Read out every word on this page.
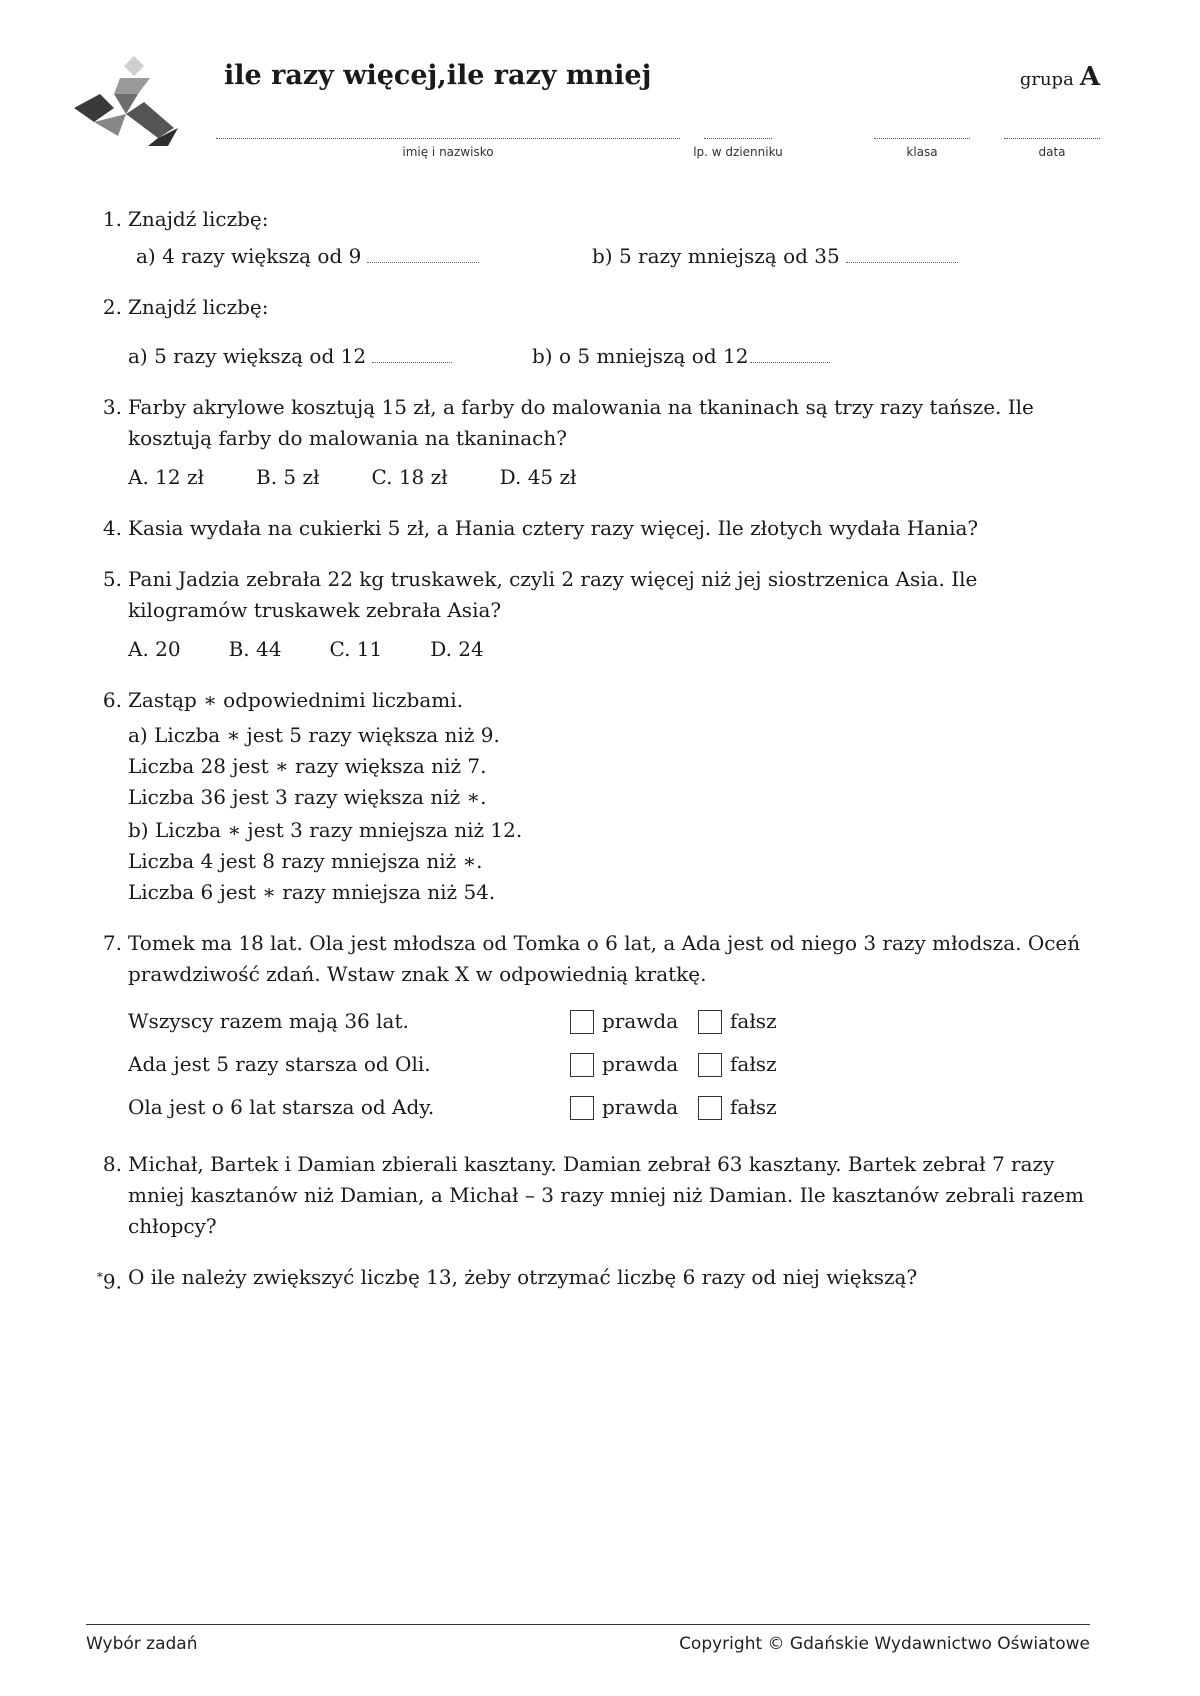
ile razy więcej,ile razy mniej	grupa A
imię i nazwisko	lp. w dzienniku	klasa	data
1. Znajdź liczbę:
a) 4 razy większą od 9	b) 5 razy mniejszą od 35
2. Znajdź liczbę:
a) 5 razy większą od 12	b) o 5 mniejszą od 12
3. Farby akrylowe kosztują 15 zł, a farby do malowania na tkaninach są trzy razy tańsze. Ile kosztują farby do malowania na tkaninach?
A. 12 zł	B. 5 zł	C. 18 zł	D. 45 zł
4. Kasia wydała na cukierki 5 zł, a Hania cztery razy więcej. Ile złotych wydała Hania?
5. Pani Jadzia zebrała 22 kg truskawek, czyli 2 razy więcej niż jej siostrzenica Asia. Ile kilogramów truskawek zebrała Asia?
A. 20 B. 44 C. 11 D. 24
6. Zastąp ∗ odpowiednimi liczbami.
a) Liczba ∗ jest 5 razy większa niż 9.
Liczba 28 jest ∗ razy większa niż 7.
Liczba 36 jest 3 razy większa niż ∗.
b) Liczba ∗ jest 3 razy mniejsza niż 12.
Liczba 4 jest 8 razy mniejsza niż ∗.
Liczba 6 jest ∗ razy mniejsza niż 54.
7. Tomek ma 18 lat. Ola jest młodsza od Tomka o 6 lat, a Ada jest od niego 3 razy młodsza. Oceń prawdziwość zdań. Wstaw znak X w odpowiednią kratkę.
Wszyscy razem mają 36 lat.	prawda	fałsz
Ada jest 5 razy starsza od Oli.	prawda	fałsz
Ola jest o 6 lat starsza od Ady.	prawda	fałsz
8. Michał, Bartek i Damian zbierali kasztany. Damian zebrał 63 kasztany. Bartek zebrał 7 razy mniej kasztanów niż Damian, a Michał – 3 razy mniej niż Damian. Ile kasztanów zebrali razem chłopcy?
*9. O ile należy zwiększyć liczbę 13, żeby otrzymać liczbę 6 razy od niej większą?
Wybór zadań	Copyright © Gdańskie Wydawnictwo Oświatowe
